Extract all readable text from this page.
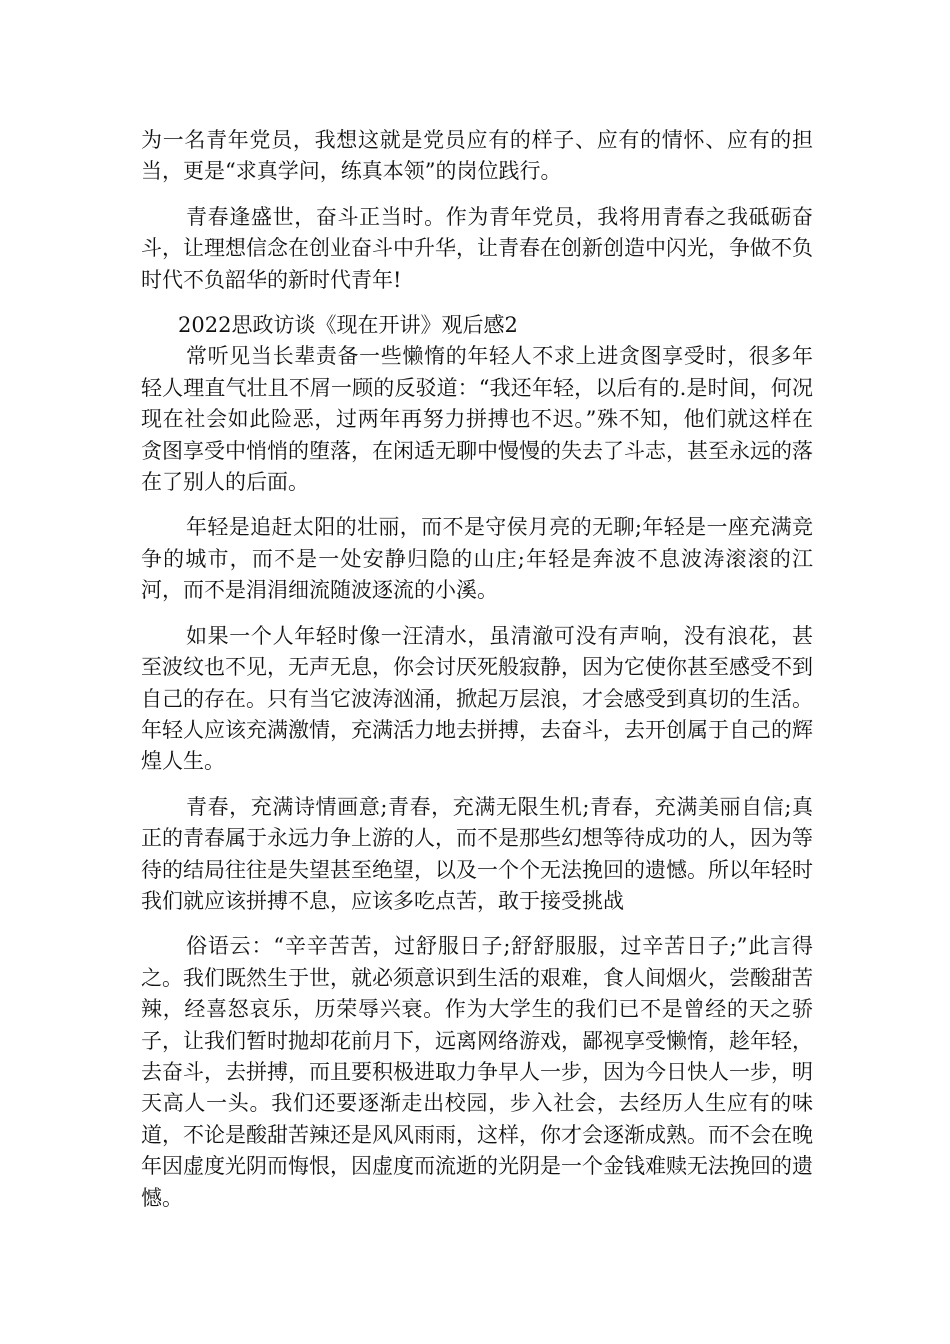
为一名青年党员，我想这就是党员应有的样子、应有的情怀、应有的担当，更是“求真学问，练真本领”的岗位践行。

青春逢盛世，奋斗正当时。作为青年党员，我将用青春之我砥砺奋斗，让理想信念在创业奋斗中升华，让青春在创新创造中闪光，争做不负时代不负韶华的新时代青年!

2022思政访谈《现在开讲》观后感2

常听见当长辈责备一些懒惰的年轻人不求上进贪图享受时，很多年轻人理直气壮且不屑一顾的反驳道：“我还年轻，以后有的.是时间，何况现在社会如此险恶，过两年再努力拼搏也不迟。”殊不知，他们就这样在贪图享受中悄悄的堕落，在闲适无聊中慢慢的失去了斗志，甚至永远的落在了别人的后面。

年轻是追赶太阳的壮丽，而不是守侯月亮的无聊;年轻是一座充满竞争的城市，而不是一处安静归隐的山庄;年轻是奔波不息波涛滚滚的江河，而不是涓涓细流随波逐流的小溪。

如果一个人年轻时像一汪清水，虽清澈可没有声响，没有浪花，甚至波纹也不见，无声无息，你会讨厌死般寂静，因为它使你甚至感受不到自己的存在。只有当它波涛汹涌，掀起万层浪，才会感受到真切的生活。年轻人应该充满激情，充满活力地去拼搏，去奋斗，去开创属于自己的辉煌人生。

青春，充满诗情画意;青春，充满无限生机;青春，充满美丽自信;真正的青春属于永远力争上游的人，而不是那些幻想等待成功的人，因为等待的结局往往是失望甚至绝望，以及一个个无法挽回的遗憾。所以年轻时我们就应该拼搏不息，应该多吃点苦，敢于接受挑战

俗语云：“辛辛苦苦，过舒服日子;舒舒服服，过辛苦日子;”此言得之。我们既然生于世，就必须意识到生活的艰难，食人间烟火，尝酸甜苦辣，经喜怒哀乐，历荣辱兴衰。作为大学生的我们已不是曾经的天之骄子，让我们暂时抛却花前月下，远离网络游戏，鄙视享受懒惰，趁年轻，去奋斗，去拼搏，而且要积极进取力争早人一步，因为今日快人一步，明天高人一头。我们还要逐渐走出校园，步入社会，去经历人生应有的味道，不论是酸甜苦辣还是风风雨雨，这样，你才会逐渐成熟。而不会在晚年因虚度光阴而悔恨，因虚度而流逝的光阴是一个金钱难赎无法挽回的遗憾。
